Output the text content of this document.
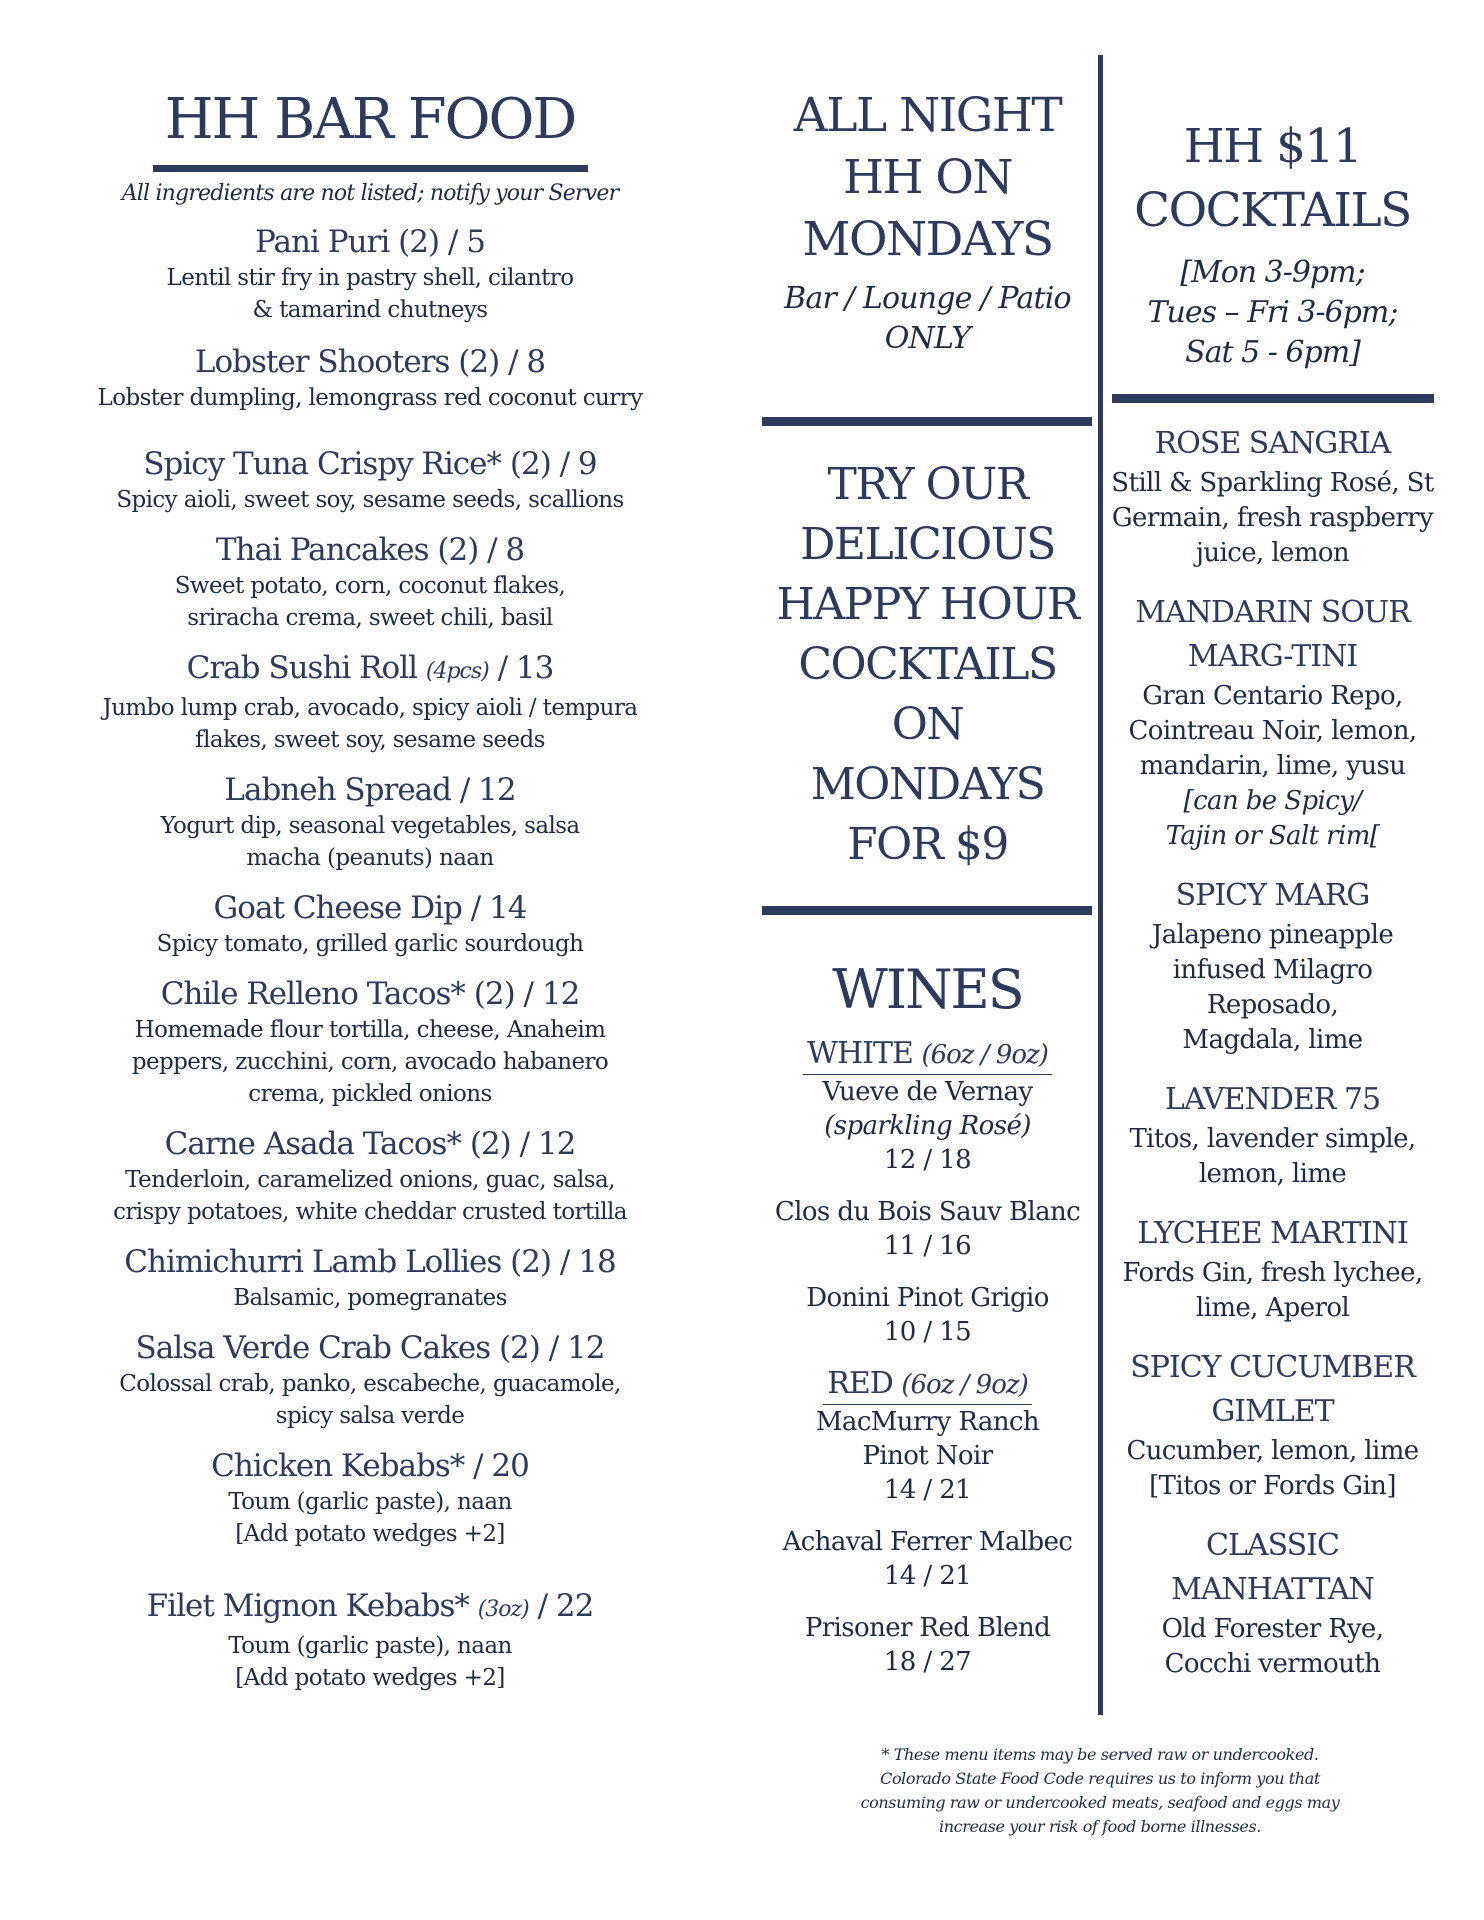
HH BAR FOOD
All ingredients are not listed; notify your Server
Pani Puri (2) / 5
Lentil stir fry in pastry shell, cilantro
& tamarind chutneys
Lobster Shooters (2) / 8
Lobster dumpling, lemongrass red coconut curry
Spicy Tuna Crispy Rice* (2) / 9
Spicy aioli, sweet soy, sesame seeds, scallions
Thai Pancakes (2) / 8
Sweet potato, corn, coconut flakes,
sriracha crema, sweet chili, basil
Crab Sushi Roll (4pcs) / 13
Jumbo lump crab, avocado, spicy aioli / tempura
flakes, sweet soy, sesame seeds
Labneh Spread / 12
Yogurt dip, seasonal vegetables, salsa
macha (peanuts) naan
Goat Cheese Dip / 14
Spicy tomato, grilled garlic sourdough
Chile Relleno Tacos* (2) / 12
Homemade flour tortilla, cheese, Anaheim
peppers, zucchini, corn, avocado habanero
crema, pickled onions
Carne Asada Tacos* (2) / 12
Tenderloin, caramelized onions, guac, salsa,
crispy potatoes, white cheddar crusted tortilla
Chimichurri Lamb Lollies (2) / 18
Balsamic, pomegranates
Salsa Verde Crab Cakes (2) / 12
Colossal crab, panko, escabeche, guacamole,
spicy salsa verde
Chicken Kebabs* / 20
Toum (garlic paste), naan
[Add potato wedges +2]
Filet Mignon Kebabs* (3oz) / 22
Toum (garlic paste), naan
[Add potato wedges +2]
ALL NIGHT
HH ON
MONDAYS
Bar / Lounge / Patio
ONLY
TRY OUR
DELICIOUS
HAPPY HOUR
COCKTAILS
ON
MONDAYS
FOR $9
WINES
WHITE (6oz / 9oz)
Vueve de Vernay
(sparkling Rosé)
12 / 18
Clos du Bois Sauv Blanc
11 / 16
Donini Pinot Grigio
10 / 15
RED (6oz / 9oz)
MacMurry Ranch
Pinot Noir
14 / 21
Achaval Ferrer Malbec
14 / 21
Prisoner Red Blend
18 / 27
HH $11
COCKTAILS
[Mon 3-9pm;
Tues – Fri 3-6pm;
Sat 5 - 6pm]
ROSE SANGRIA
Still & Sparkling Rosé, St
Germain, fresh raspberry
juice, lemon
MANDARIN SOUR
MARG-TINI
Gran Centario Repo,
Cointreau Noir, lemon,
mandarin, lime, yusu
[can be Spicy/
Tajin or Salt rim[
SPICY MARG
Jalapeno pineapple
infused Milagro
Reposado,
Magdala, lime
LAVENDER 75
Titos, lavender simple,
lemon, lime
LYCHEE MARTINI
Fords Gin, fresh lychee,
lime, Aperol
SPICY CUCUMBER
GIMLET
Cucumber, lemon, lime
[Titos or Fords Gin]
CLASSIC
MANHATTAN
Old Forester Rye,
Cocchi vermouth
* These menu items may be served raw or undercooked.
Colorado State Food Code requires us to inform you that
consuming raw or undercooked meats, seafood and eggs may
increase your risk of food borne illnesses.
